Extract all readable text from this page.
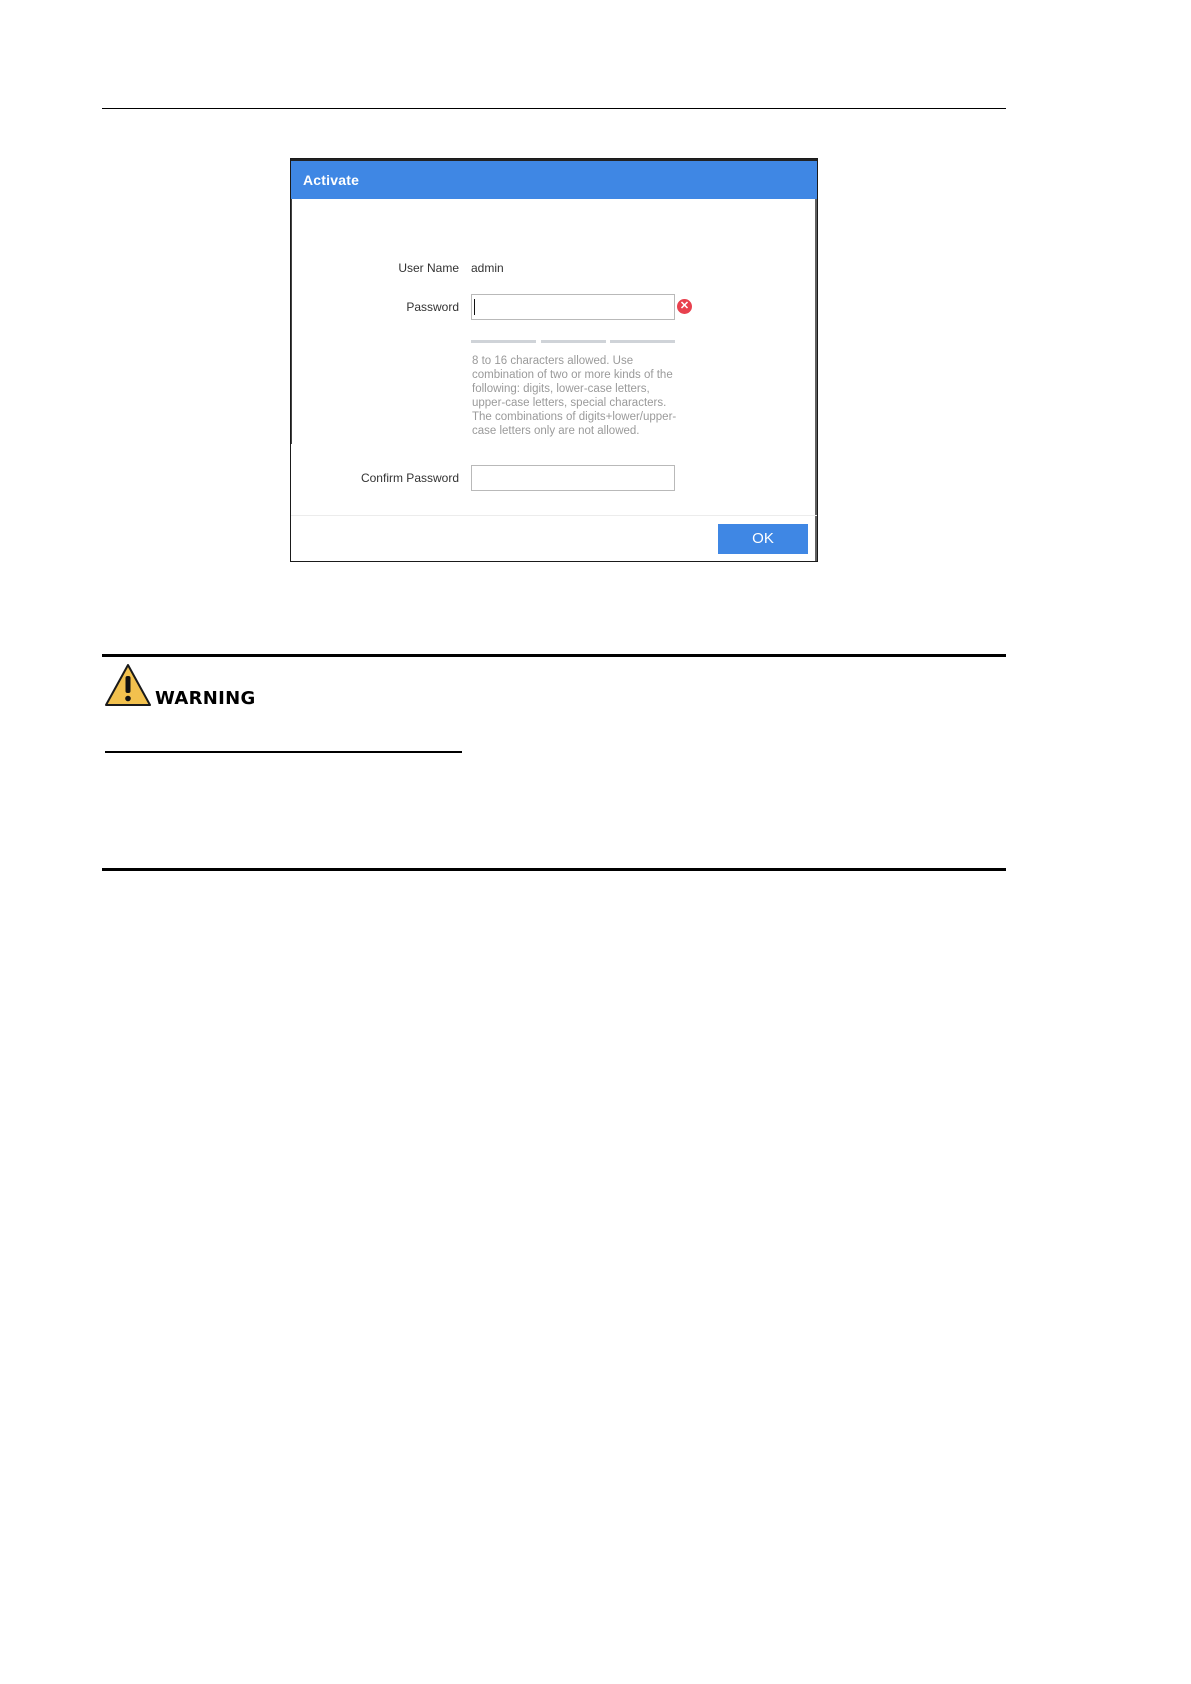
Activate
User Name admin
Password	✕
8 to 16 characters allowed. Use combination of two or more kinds of the following: digits, lower-case letters, upper-case letters, special characters. The combinations of digits+lower/upper-case letters only are not allowed.
Confirm Password
OK
WARNING
